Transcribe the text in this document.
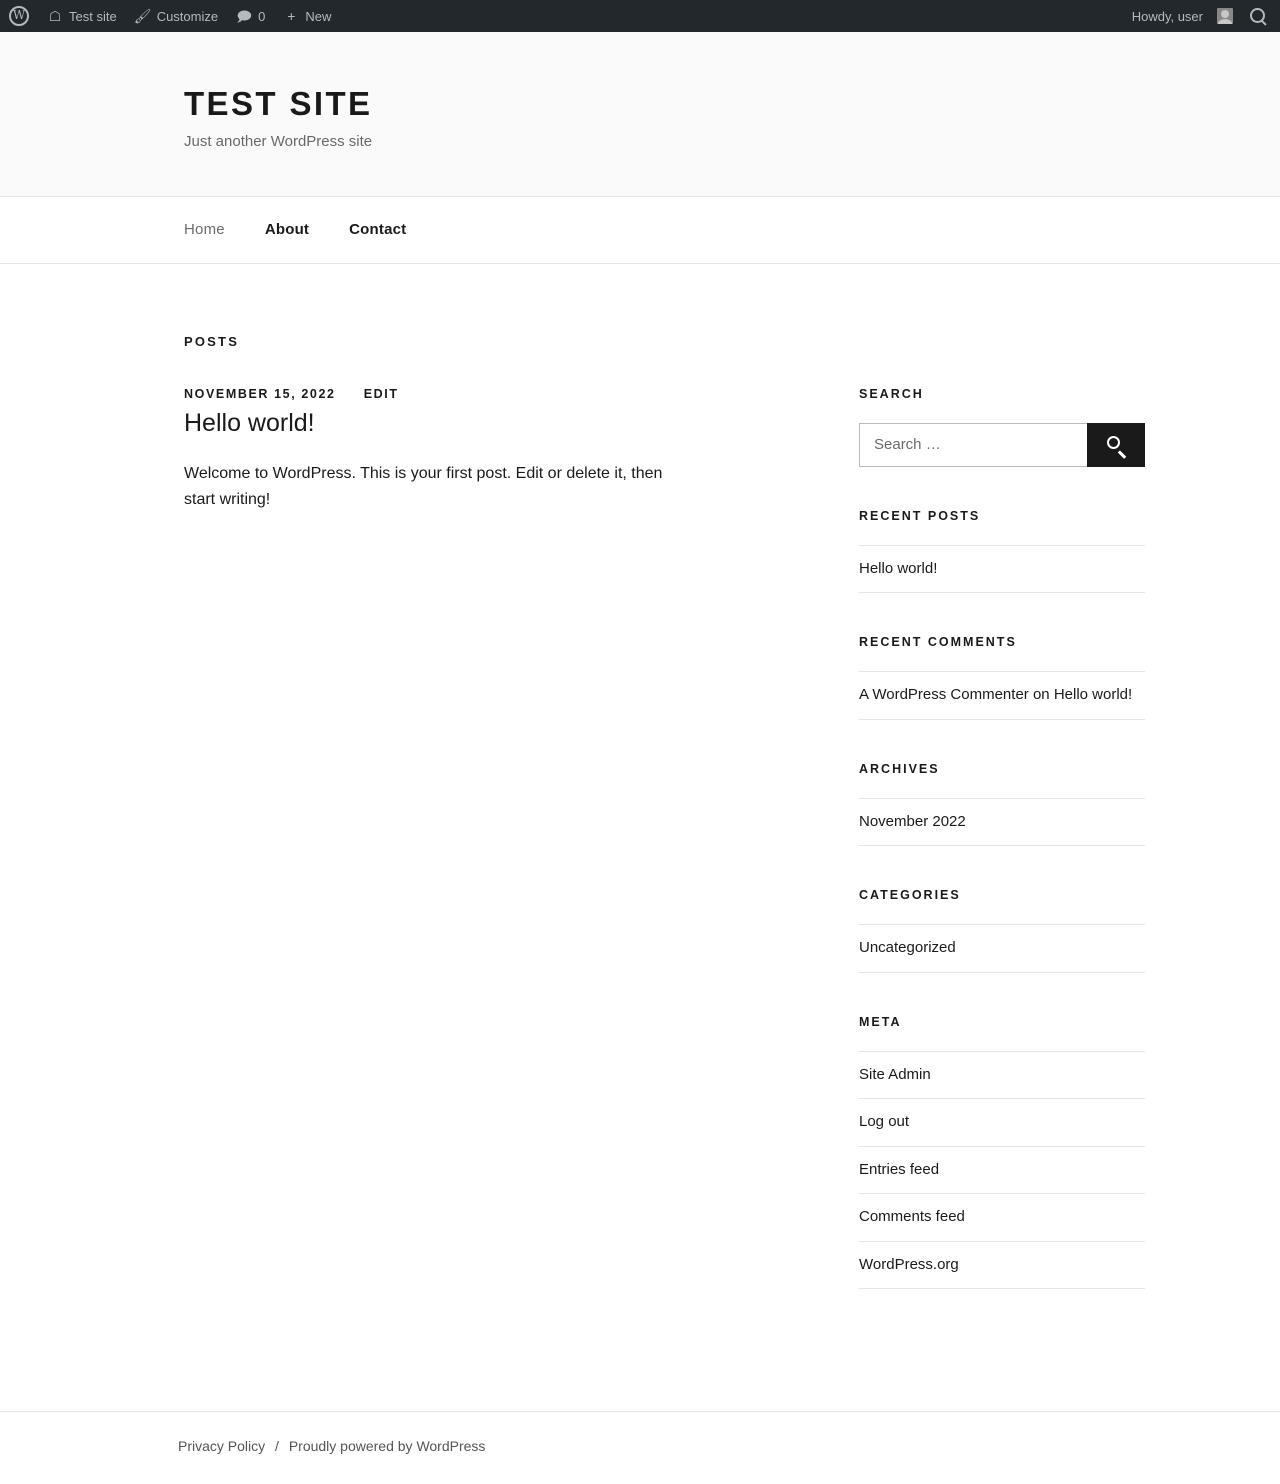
W
☖ Test site 🖌 Customize 🗩 0 + New	Howdy, user
TEST SITE

Just another WordPress site

Home	About	Contact
POSTS
NOVEMBER 15, 2022 EDIT
Hello world!

Welcome to WordPress. This is your first post. Edit or delete it, then start writing!

SEARCH
Search …
RECENT POSTS
Hello world!
RECENT COMMENTS
A WordPress Commenter on Hello world!
ARCHIVES
November 2022
CATEGORIES
Uncategorized
META
Site Admin
Log out
Entries feed
Comments feed
WordPress.org
Privacy Policy / Proudly powered by WordPress
